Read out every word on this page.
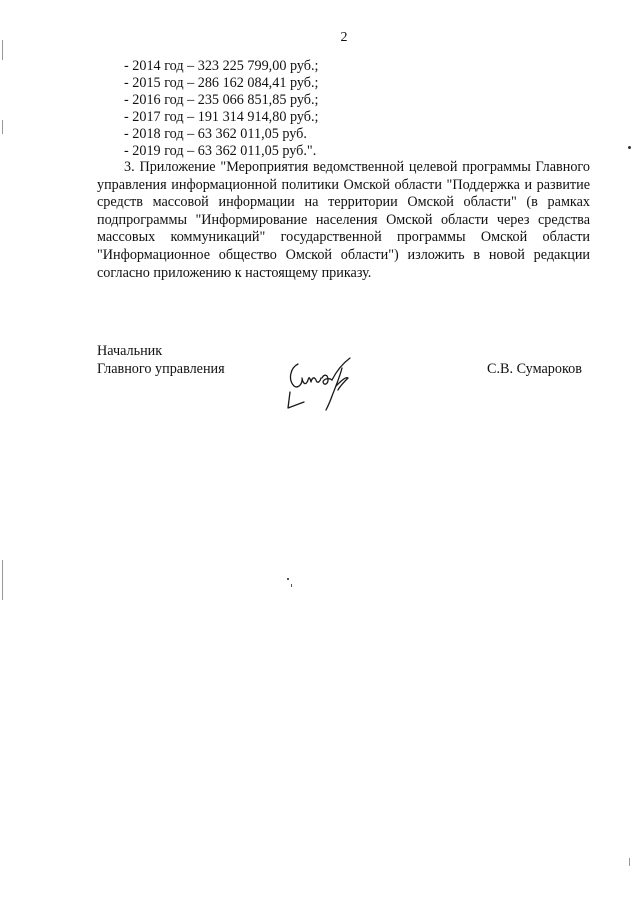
2
- 2014 год – 323 225 799,00 руб.;
- 2015 год – 286 162 084,41 руб.;
- 2016 год – 235 066 851,85 руб.;
- 2017 год – 191 314 914,80 руб.;
- 2018 год – 63 362 011,05 руб.
- 2019 год – 63 362 011,05 руб.".
3. Приложение "Мероприятия ведомственной целевой программы Главного управления информационной политики Омской области "Поддержка и развитие средств массовой информации на территории Омской области" (в рамках подпрограммы "Информирование населения Омской области через средства массовых коммуникаций" государственной программы Омской области "Информационное общество Омской области") изложить в новой редакции согласно приложению к настоящему приказу.
Начальник
Главного управления	С.В. Сумароков
